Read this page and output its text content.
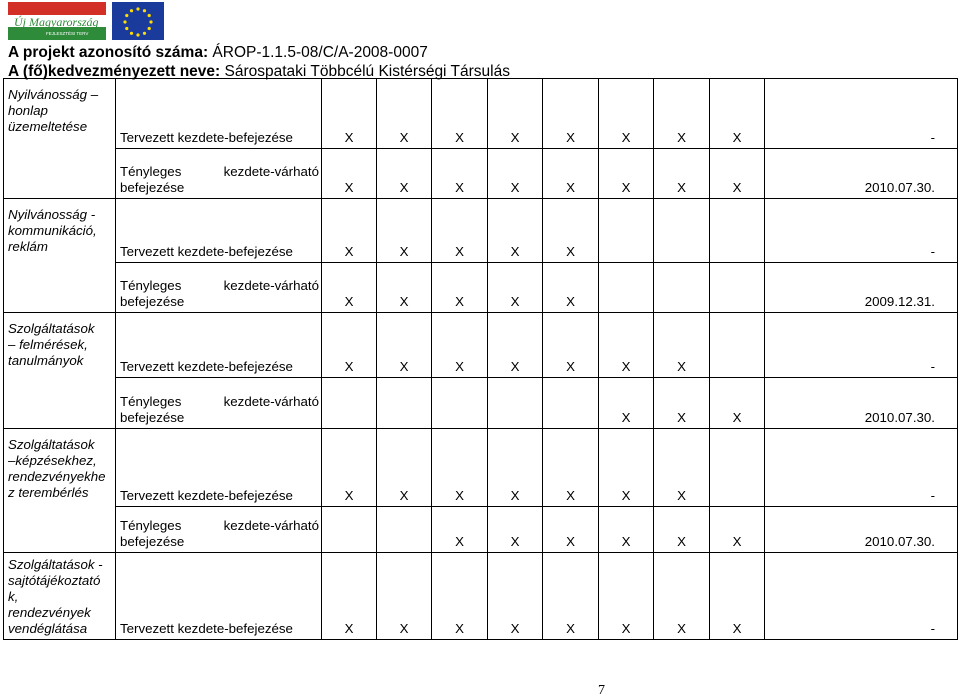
Új Magyarország
FEJLESZTÉSI TERV
A projekt azonosító száma: ÁROP-1.1.5-08/C/A-2008-0007
A (fő)kedvezményezett neve: Sárospataki Többcélú Kistérségi Társulás
Nyilvánosság –
honlap
üzemeltetése	Tervezett kezdete-befejezése	X	X	X	X	X	X	X	X	-

	Tényleges kezdete-várható
befejezése	X	X	X	X	X	X	X	X	2010.07.30.

Nyilvánosság -
kommunikáció,
reklám	Tervezett kezdete-befejezése	X	X	X	X	X				-

	Tényleges kezdete-várható
befejezése	X	X	X	X	X				2009.12.31.

Szolgáltatások
– felmérések,
tanulmányok	Tervezett kezdete-befejezése	X	X	X	X	X	X	X		-

	Tényleges kezdete-várható
befejezése						X	X	X	2010.07.30.

Szolgáltatások
–képzésekhez,
rendezvényekhe
z terembérlés	Tervezett kezdete-befejezése	X	X	X	X	X	X	X		-

	Tényleges kezdete-várható
befejezése			X	X	X	X	X	X	2010.07.30.

Szolgáltatások -
sajtótájékoztató
k,
rendezvények
vendéglátása	Tervezett kezdete-befejezése	X	X	X	X	X	X	X	X	-
7
